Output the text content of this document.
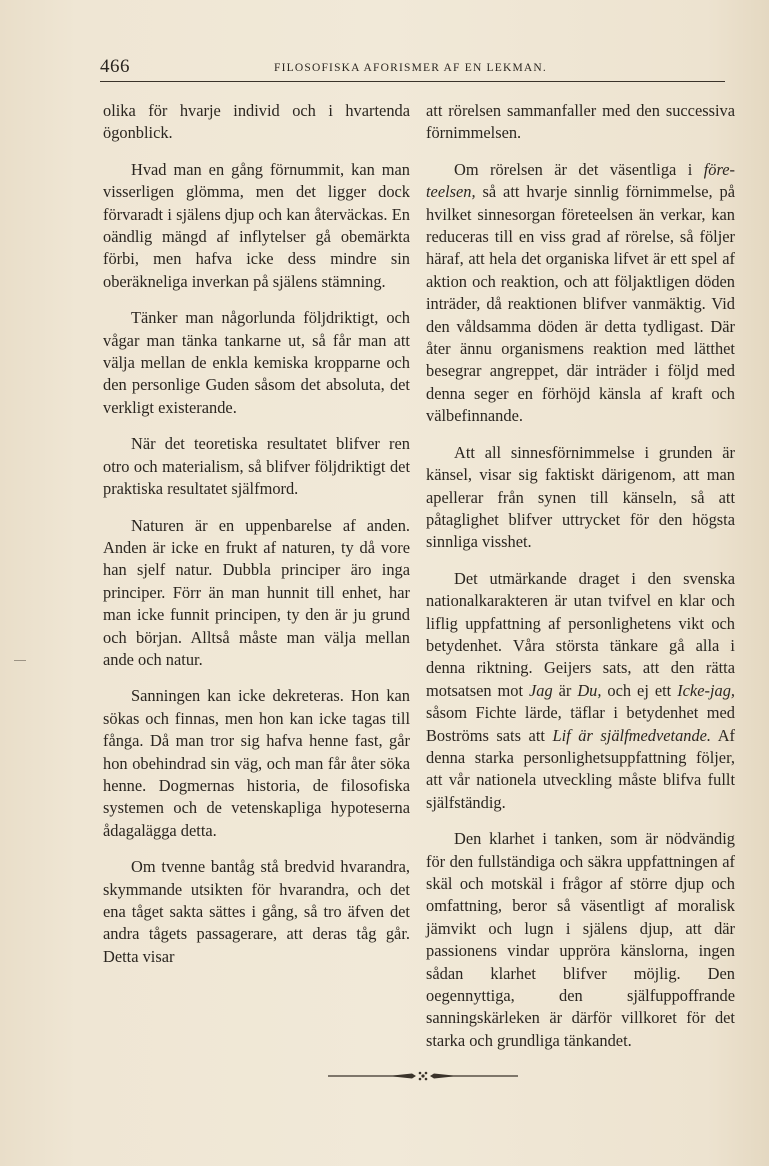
466	FILOSOFISKA AFORISMER AF EN LEKMAN.

olika för hvarje individ och i hvartenda ögonblick.

Hvad man en gång förnummit, kan man visserligen glömma, men det ligger dock förvaradt i själens djup och kan återväckas. En oändlig mängd af inflytelser gå obemärkta förbi, men hafva icke dess mindre sin oberäkneliga inverkan på själens stämning.

Tänker man någorlunda följdriktigt, och vågar man tänka tankarne ut, så får man att välja mellan de enkla kemiska kropparne och den personlige Guden såsom det absoluta, det verkligt existerande.

När det teoretiska resultatet blifver ren otro och materialism, så blifver följdriktigt det praktiska resultatet själfmord.

Naturen är en uppenbarelse af anden. Anden är icke en frukt af naturen, ty då vore han sjelf natur. Dubbla principer äro inga principer. Förr än man hunnit till enhet, har man icke funnit principen, ty den är ju grund och början. Alltså måste man välja mellan ande och natur.

Sanningen kan icke dekreteras. Hon kan sökas och finnas, men hon kan icke tagas till fånga. Då man tror sig hafva henne fast, går hon obehindrad sin väg, och man får åter söka henne. Dogmernas historia, de filosofiska systemen och de vetenskapliga hypoteserna ådagalägga detta.

Om tvenne bantåg stå bredvid hvarandra, skymmande utsikten för hvarandra, och det ena tåget sakta sättes i gång, så tro äfven det andra tågets passagerare, att deras tåg går. Detta visar

att rörelsen sammanfaller med den successiva förnimmelsen.

Om rörelsen är det väsentliga i företeelsen, så att hvarje sinnlig förnimmelse, på hvilket sinnesorgan företeelsen än verkar, kan reduceras till en viss grad af rörelse, så följer häraf, att hela det organiska lifvet är ett spel af aktion och reaktion, och att följaktligen döden inträder, då reaktionen blifver vanmäktig. Vid den våldsamma döden är detta tydligast. Där åter ännu organismens reaktion med lätthet besegrar angreppet, där inträder i följd med denna seger en förhöjd känsla af kraft och välbefinnande.

Att all sinnesförnimmelse i grunden är känsel, visar sig faktiskt därigenom, att man apellerar från synen till känseln, så att påtaglighet blifver uttrycket för den högsta sinnliga visshet.

Det utmärkande draget i den svenska nationalkarakteren är utan tvifvel en klar och liflig uppfattning af personlighetens vikt och betydenhet. Våra största tänkare gå alla i denna riktning. Geijers sats, att den rätta motsatsen mot Jag är Du, och ej ett Icke-jag, såsom Fichte lärde, täflar i betydenhet med Boströms sats att Lif är själfmedvetande. Af denna starka personlighetsuppfattning följer, att vår nationela utveckling måste blifva fullt själfständig.

Den klarhet i tanken, som är nödvändig för den fullständiga och säkra uppfattningen af skäl och motskäl i frågor af större djup och omfattning, beror så väsentligt af moralisk jämvikt och lugn i själens djup, att där passionens vindar uppröra känslorna, ingen sådan klarhet blifver möjlig. Den oegennyttiga, den själfuppoffrande sanningskärleken är därför villkoret för det starka och grundliga tänkandet.
